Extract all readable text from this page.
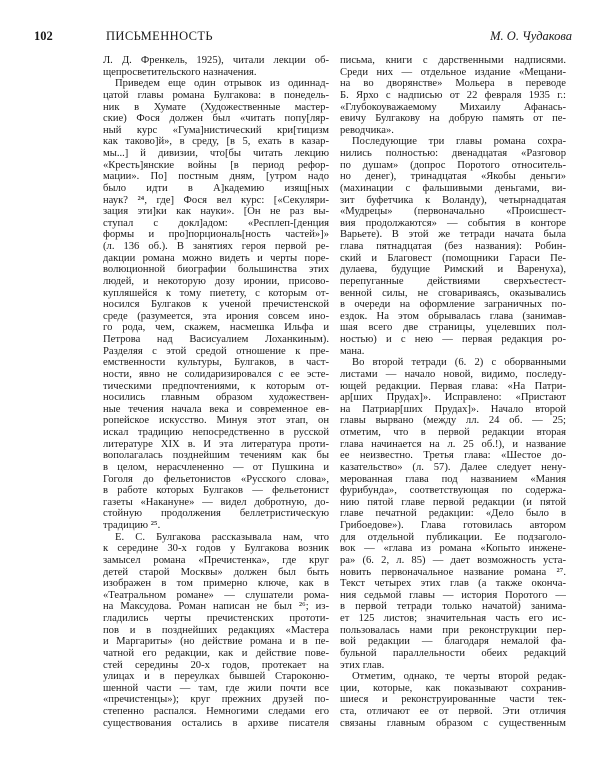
102	ПИСЬМЕННОСТЬ	М. О. Чудакова
Л. Д. Френкель, 1925), читали лекции об-
щепросветительского назначения.
Приведем еще один отрывок из одиннад-
цатой главы романа Булгакова: в понедель-
ник в Хумате (Художественные мастер-
ские) Фося должен был «читать попу[ляр-
ный курс «Гума]нистический кри[тицизм
как таково]й», в среду, [в 5, ехать в казар-
мы...] й дивизии, что[бы читать лекцию
«Кресть]янские войны [в период рефор-
мации». По] постным дням, [утром надо
было идти в А]кадемию изящ[ных
наук? ²⁴, где] Фося вел курс: [«Секуляри-
зация эти]ки как науки». [Он не раз вы-
ступал с докл]адом: «Респлеп-[денция
формы и про]порциональ[ность частей»]»
(л. 136 об.). В занятиях героя первой ре-
дакции романа можно видеть и черты поре-
волюционной биографии большинства этих
людей, и некоторую дозу иронии, присово-
купляшейся к тому пиетету, с которым от-
носился Булгаков к ученой пречистенской
среде (разумеется, эта ирония совсем ино-
го рода, чем, скажем, насмешка Ильфа и
Петрова над Васисуалием Лоханкиным).
Разделяя с этой средой отношение к пре-
емственности культуры, Булгаков, в част-
ности, явно не солидаризировался с ее эсте-
тическими предпочтениями, к которым от-
носились главным образом художествен-
ные течения начала века и современное ев-
ропейское искусство. Минуя этот этап, он
искал традицию непосредственно в русской
литературе XIX в. И эта литература проти-
вополагалась позднейшим течениям как бы
в целом, нерасчлененно — от Пушкина и
Гоголя до фельетонистов «Русского слова»,
в работе которых Булгаков — фельетонист
газеты «Накануне» — видел добротную, до-
стойную продолжения беллетристическую
традицию ²⁵.
Е. С. Булгакова рассказывала нам, что
к середине 30-х годов у Булгакова возник
замысел романа «Пречистенка», где круг
детей старой Москвы» должен был быть
изображен в том примерно ключе, как в
«Театральном романе» — слушатели рома-
на Максудова. Роман написан не был ²⁶; из-
гладились черты пречистенских прототи-
пов и в позднейших редакциях «Мастера
и Маргариты» (но действие романа и в пе-
чатной его редакции, как и действие пове-
стей середины 20-х годов, протекает на
улицах и в переулках бывшей Староконю-
шенной части — там, где жили почти все
«пречистенцы»); круг прежних друзей по-
степенно распался. Немногими следами его
существования остались в архиве писателя
письма, книги с дарственными надписями.
Среди них — отдельное издание «Мещани-
на во дворянстве» Мольера в переводе
Б. Ярхо с надписью от 22 февраля 1935 г.:
«Глубокоуважаемому Михаилу Афанась-
евичу Булгакову на добрую память от пе-
реводчика».
Последующие три главы романа сохра-
нились полностью: двенадцатая «Разговор
по душам» (допрос Поротого относитель-
но денег), тринадцатая «Якобы деньги»
(махинации с фальшивыми деньгами, ви-
зит буфетчика к Воланду), четырнадцатая
«Мудрецы» (первоначально «Происшест-
вия продолжаются» — события в конторе
Варьете). В этой же тетради начата была
глава пятнадцатая (без названия): Робин-
ский и Благовест (помощники Гараси Пе-
дулаева, будущие Римский и Варенуха),
перепуганные действиями сверхъестест-
венной силы, не сговариваясь, оказывались
в очереди на оформление заграничных по-
ездок. На этом обрывалась глава (занимав-
шая всего две страницы, уцелевших пол-
ностью) и с нею — первая редакция ро-
мана.
Во второй тетради (6. 2) с оборванными
листами — начало новой, видимо, последу-
ющей редакции. Первая глава: «На Патри-
ар[ших Прудах]». Исправлено: «Пристают
на Патриар[ших Прудах]». Начало второй
главы вырвано (между лл. 24 об. — 25;
отметим, что в первой редакции вторая
глава начинается на л. 25 об.!), и название
ее неизвестно. Третья глава: «Шестое до-
казательство» (л. 57). Далее следует нену-
мерованная глава под названием «Мания
фурибунда», соответствующая по содержа-
нию пятой главе первой редакции (и пятой
главе печатной редакции: «Дело было в
Грибоедове»). Глава готовилась автором
для отдельной публикации. Ее подзаголо-
вок — «глава из романа «Копыто инжене-
ра» (6. 2, л. 85) — дает возможность уста-
новить первоначальное название романа ²⁷.
Текст четырех этих глав (а также оконча-
ния седьмой главы — история Поротого —
в первой тетради только начатой) занима-
ет 125 листов; значительная часть его ис-
пользовалась нами при реконструкции пер-
вой редакции — благодаря немалой фа-
бульной параллельности обеих редакций
этих глав.
Отметим, однако, те черты второй редак-
ции, которые, как показывают сохранив-
шиеся и реконструированные части тек-
ста, отличают ее от первой. Эти отличия
связаны главным образом с существенным
